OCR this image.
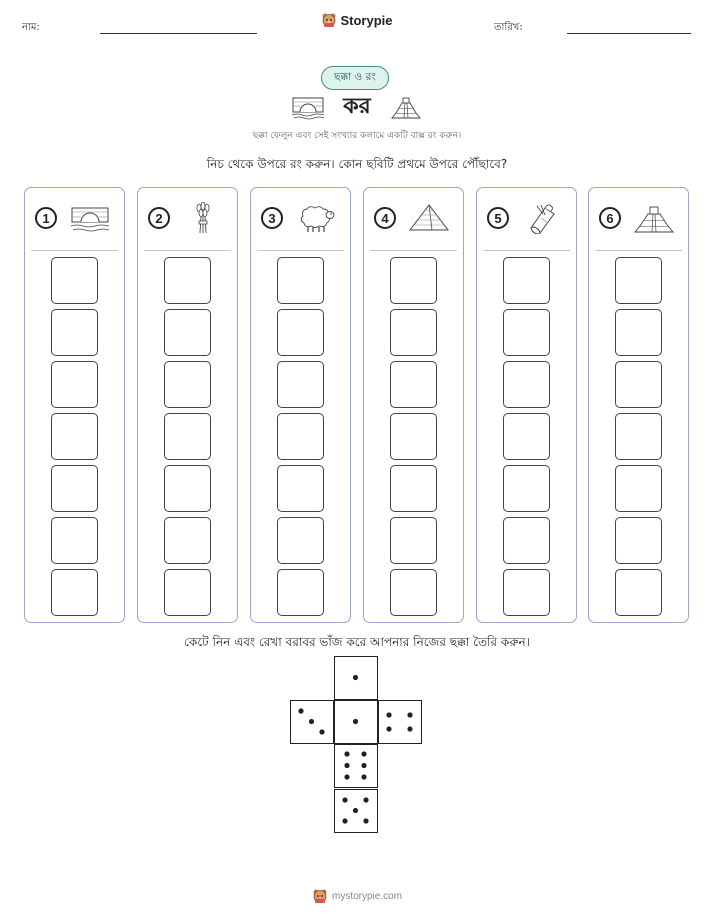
নাম:	Storypie	তারিখ:
ছক্কা ও রং
কর
ছক্কা ফেলুন এবং সেই সংখ্যার কলামে একটি বাক্স রং করুন।
নিচ থেকে উপরে রং করুন। কোন ছবিটি প্রথমে উপরে পৌঁছাবে?
1	2	3	4	5	6
কেটে নিন এবং রেখা বরাবর ভাঁজ করে আপনার নিজের ছক্কা তৈরি করুন।
mystorypie.com
